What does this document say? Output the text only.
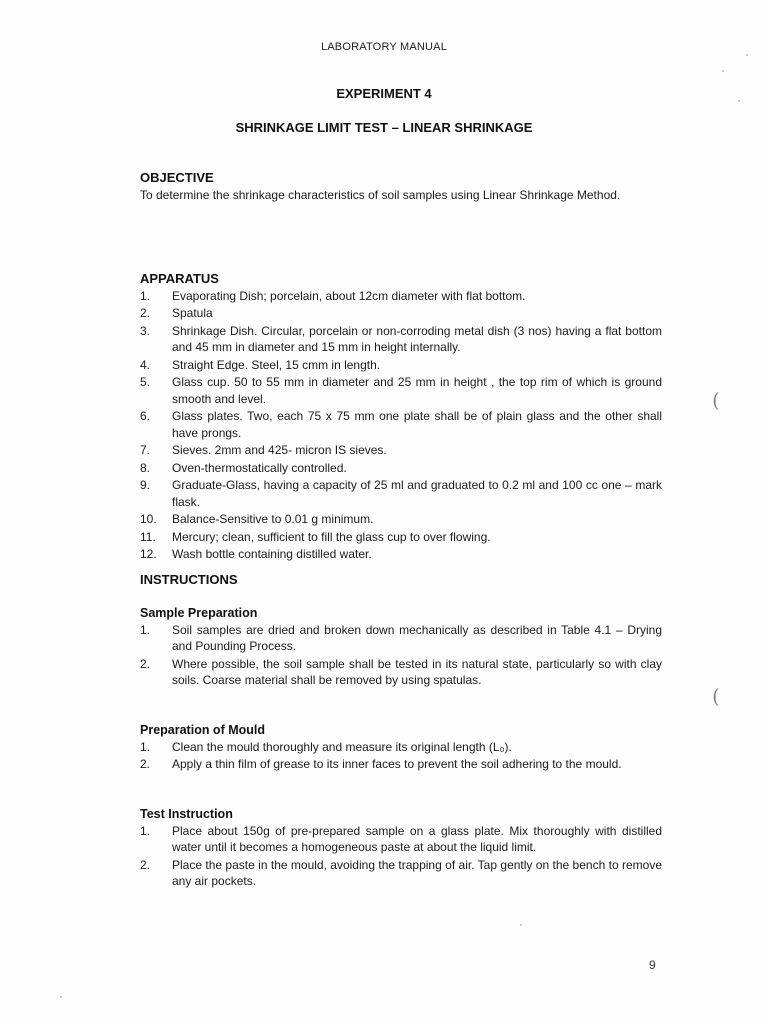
LABORATORY MANUAL
EXPERIMENT 4
SHRINKAGE LIMIT TEST – LINEAR SHRINKAGE

OBJECTIVE

To determine the shrinkage characteristics of soil samples using Linear Shrinkage Method.

APPARATUS

1. Evaporating Dish; porcelain, about 12cm diameter with flat bottom.
2. Spatula
3. Shrinkage Dish. Circular, porcelain or non-corroding metal dish (3 nos) having a flat bottom and 45 mm in diameter and 15 mm in height internally.
4. Straight Edge. Steel, 15 cmm in length.
5. Glass cup. 50 to 55 mm in diameter and 25 mm in height , the top rim of which is ground smooth and level.
6. Glass plates. Two, each 75 x 75 mm one plate shall be of plain glass and the other shall have prongs.
7. Sieves. 2mm and 425- micron IS sieves.
8. Oven-thermostatically controlled.
9. Graduate-Glass, having a capacity of 25 ml and graduated to 0.2 ml and 100 cc one – mark flask.
10. Balance-Sensitive to 0.01 g minimum.
11. Mercury; clean, sufficient to fill the glass cup to over flowing.
12. Wash bottle containing distilled water.

INSTRUCTIONS

Sample Preparation

1. Soil samples are dried and broken down mechanically as described in Table 4.1 – Drying and Pounding Process.
2. Where possible, the soil sample shall be tested in its natural state, particularly so with clay soils. Coarse material shall be removed by using spatulas.

Preparation of Mould

1. Clean the mould thoroughly and measure its original length (L₀).
2. Apply a thin film of grease to its inner faces to prevent the soil adhering to the mould.

Test Instruction

1. Place about 150g of pre-prepared sample on a glass plate. Mix thoroughly with distilled water until it becomes a homogeneous paste at about the liquid limit.
2. Place the paste in the mould, avoiding the trapping of air. Tap gently on the bench to remove any air pockets.
9
(
(
